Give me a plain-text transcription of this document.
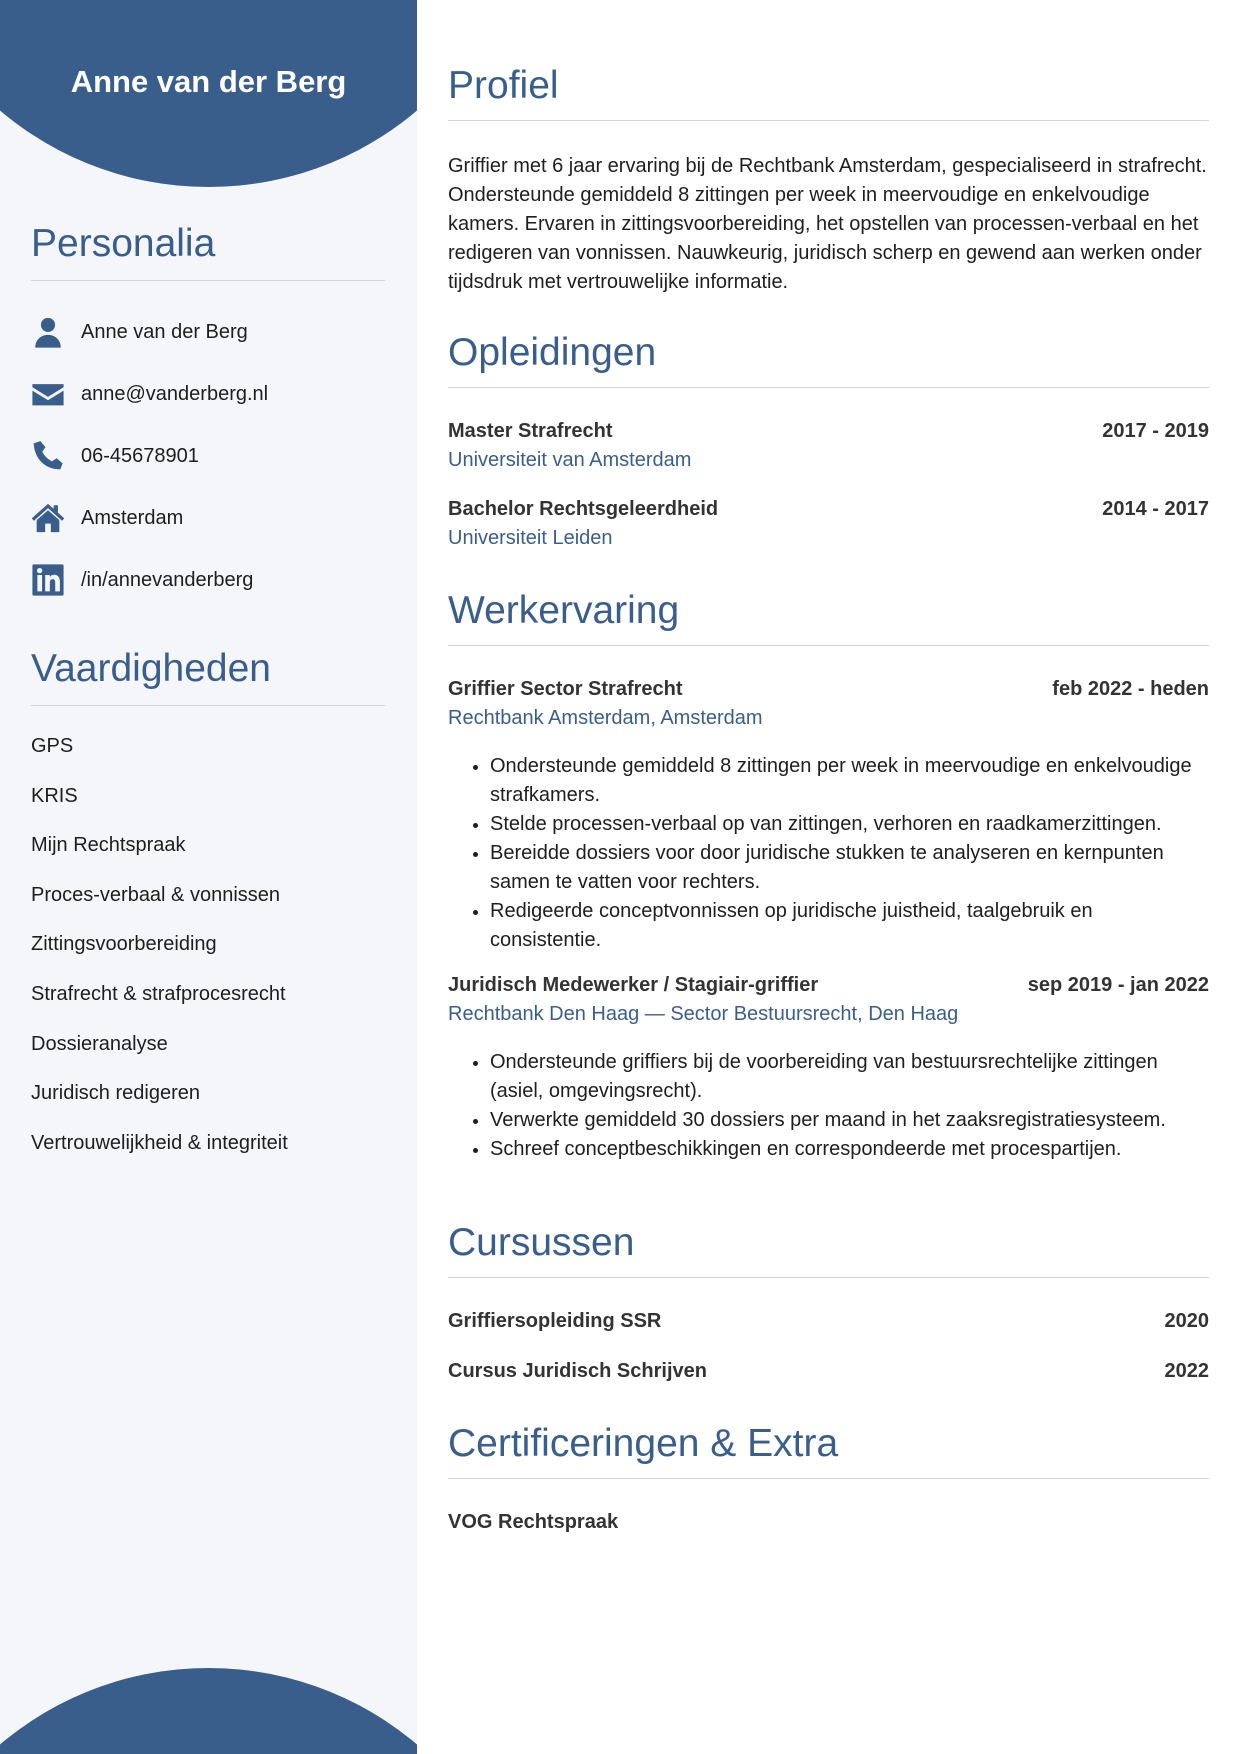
Anne van der Berg
Personalia
Anne van der Berg
anne@vanderberg.nl
06-45678901
Amsterdam
/in/annevanderberg
Vaardigheden
GPS
KRIS
Mijn Rechtspraak
Proces-verbaal & vonnissen
Zittingsvoorbereiding
Strafrecht & strafprocesrecht
Dossieranalyse
Juridisch redigeren
Vertrouwelijkheid & integriteit
Profiel

Griffier met 6 jaar ervaring bij de Rechtbank Amsterdam, gespecialiseerd in strafrecht. Ondersteunde gemiddeld 8 zittingen per week in meervoudige en enkelvoudige kamers. Ervaren in zittingsvoorbereiding, het opstellen van processen-verbaal en het redigeren van vonnissen. Nauwkeurig, juridisch scherp en gewend aan werken onder tijdsdruk met vertrouwelijke informatie.

Opleidingen
Master Strafrecht	2017 - 2019
Universiteit van Amsterdam
Bachelor Rechtsgeleerdheid	2014 - 2017
Universiteit Leiden
Werkervaring
Griffier Sector Strafrecht	feb 2022 - heden
Rechtbank Amsterdam, Amsterdam
• Ondersteunde gemiddeld 8 zittingen per week in meervoudige en enkelvoudige strafkamers.
• Stelde processen-verbaal op van zittingen, verhoren en raadkamerzittingen.
• Bereidde dossiers voor door juridische stukken te analyseren en kernpunten samen te vatten voor rechters.
• Redigeerde conceptvonnissen op juridische juistheid, taalgebruik en consistentie.
Juridisch Medewerker / Stagiair-griffier	sep 2019 - jan 2022
Rechtbank Den Haag — Sector Bestuursrecht, Den Haag
• Ondersteunde griffiers bij de voorbereiding van bestuursrechtelijke zittingen (asiel, omgevingsrecht).
• Verwerkte gemiddeld 30 dossiers per maand in het zaaksregistratiesysteem.
• Schreef conceptbeschikkingen en correspondeerde met procespartijen.
Cursussen
Griffiersopleiding SSR	2020
Cursus Juridisch Schrijven	2022
Certificeringen & Extra
VOG Rechtspraak
